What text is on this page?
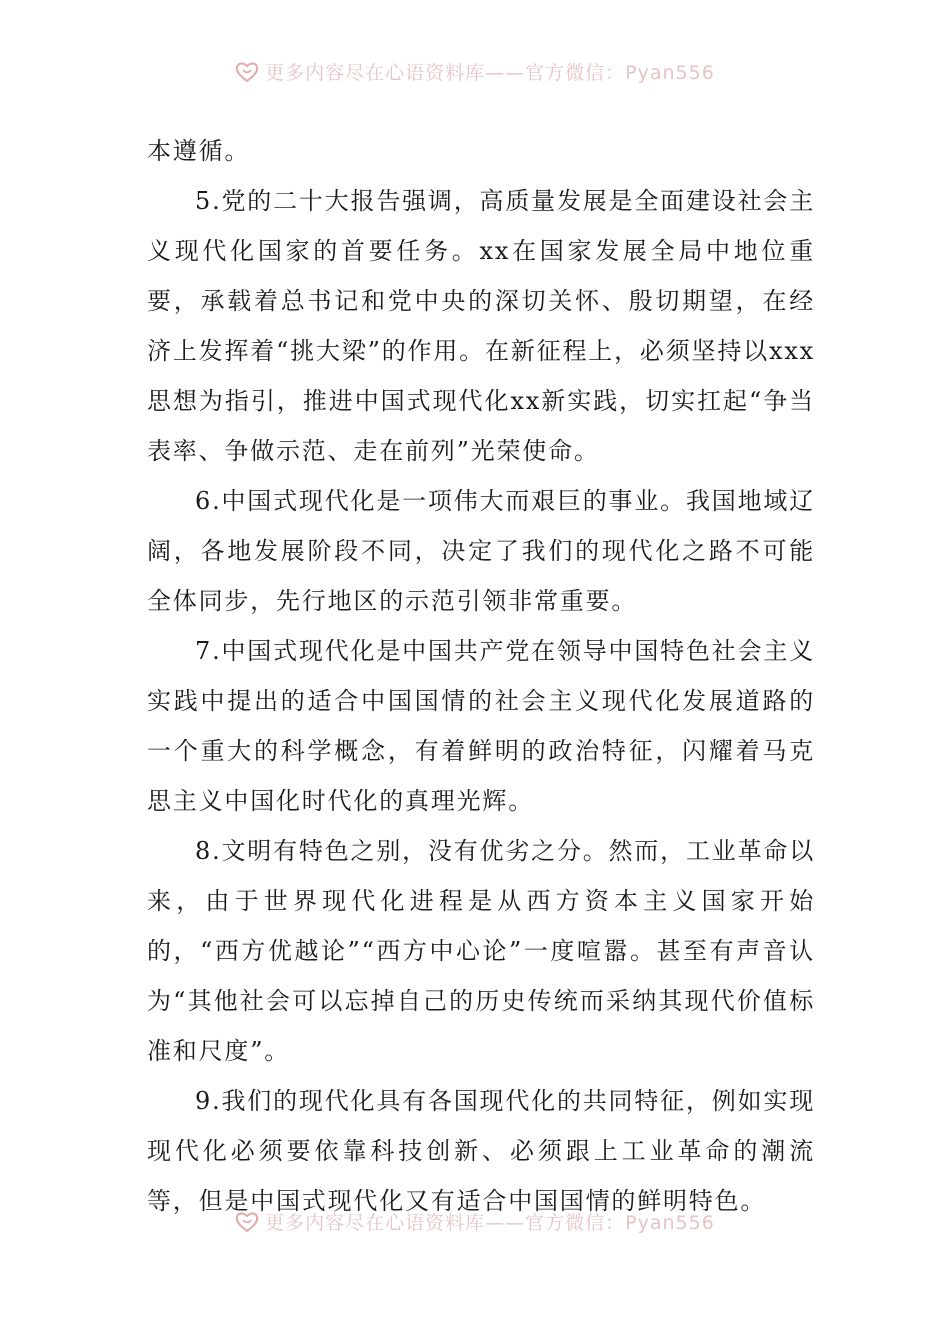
更多内容尽在心语资料库——官方微信：Pyan556

本遵循。

5.党的二十大报告强调，高质量发展是全面建设社会主义现代化国家的首要任务。xx在国家发展全局中地位重要，承载着总书记和党中央的深切关怀、殷切期望，在经济上发挥着“挑大梁”的作用。在新征程上，必须坚持以xxx思想为指引，推进中国式现代化xx新实践，切实扛起“争当表率、争做示范、走在前列”光荣使命。

6.中国式现代化是一项伟大而艰巨的事业。我国地域辽阔，各地发展阶段不同，决定了我们的现代化之路不可能全体同步，先行地区的示范引领非常重要。

7.中国式现代化是中国共产党在领导中国特色社会主义实践中提出的适合中国国情的社会主义现代化发展道路的一个重大的科学概念，有着鲜明的政治特征，闪耀着马克思主义中国化时代化的真理光辉。

8.文明有特色之别，没有优劣之分。然而，工业革命以来，由于世界现代化进程是从西方资本主义国家开始的，“西方优越论”“西方中心论”一度喧嚣。甚至有声音认为“其他社会可以忘掉自己的历史传统而采纳其现代价值标准和尺度”。

9.我们的现代化具有各国现代化的共同特征，例如实现现代化必须要依靠科技创新、必须跟上工业革命的潮流等，但是中国式现代化又有适合中国国情的鲜明特色。

更多内容尽在心语资料库——官方微信：Pyan556
